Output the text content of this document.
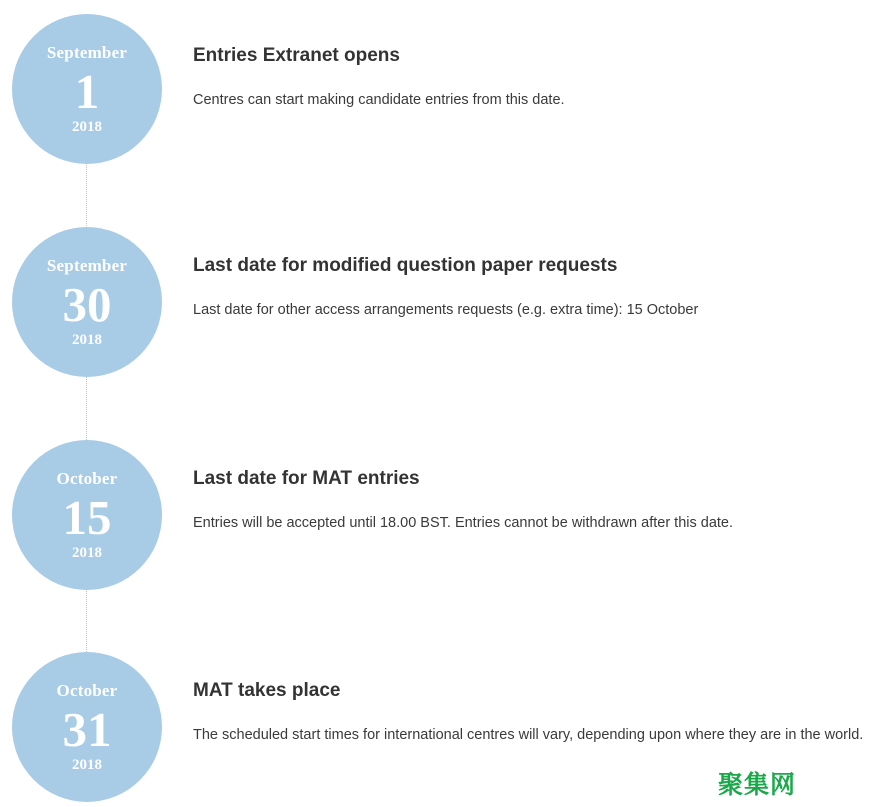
September
1
2018
Entries Extranet opens

Centres can start making candidate entries from this date.

September
30
2018
Last date for modified question paper requests

Last date for other access arrangements requests (e.g. extra time): 15 October

October
15
2018
Last date for MAT entries

Entries will be accepted until 18.00 BST. Entries cannot be withdrawn after this date.

October
31
2018
MAT takes place

The scheduled start times for international centres will vary, depending upon where they are in the world.

聚集网
